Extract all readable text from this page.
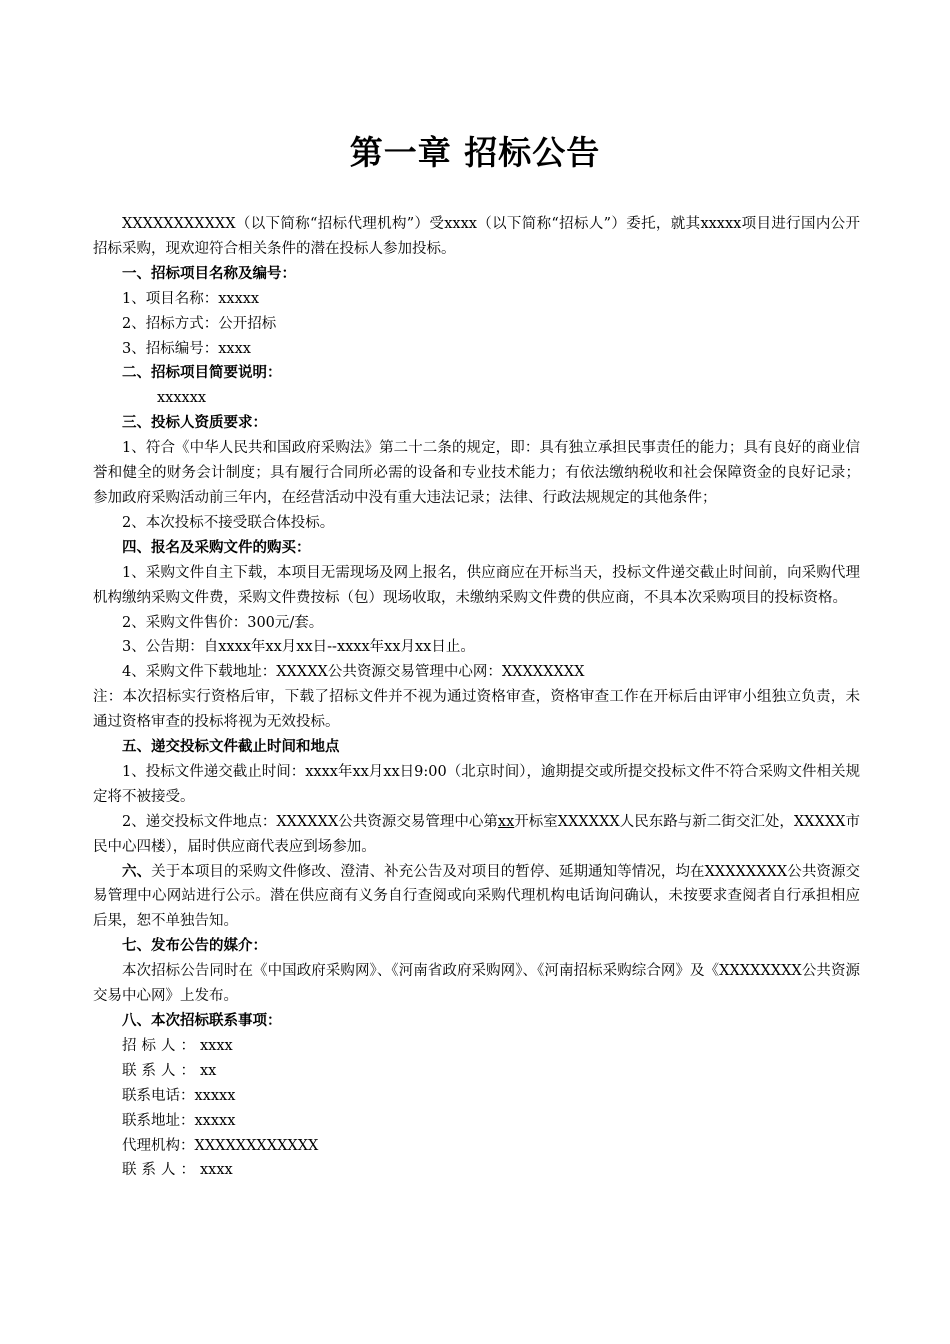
第一章 招标公告

XXXXXXXXXXX（以下简称“招标代理机构”）受xxxx（以下简称“招标人”）委托，就其xxxxx项目进行国内公开招标采购，现欢迎符合相关条件的潜在投标人参加投标。

一、招标项目名称及编号：

1、项目名称：xxxxx

2、招标方式：公开招标

3、招标编号：xxxx

二、招标项目简要说明：

xxxxxx

三、投标人资质要求：

1、符合《中华人民共和国政府采购法》第二十二条的规定，即：具有独立承担民事责任的能力；具有良好的商业信誉和健全的财务会计制度；具有履行合同所必需的设备和专业技术能力；有依法缴纳税收和社会保障资金的良好记录；参加政府采购活动前三年内，在经营活动中没有重大违法记录；法律、行政法规规定的其他条件；

2、本次投标不接受联合体投标。

四、报名及采购文件的购买：

1、采购文件自主下载，本项目无需现场及网上报名，供应商应在开标当天，投标文件递交截止时间前，向采购代理机构缴纳采购文件费，采购文件费按标（包）现场收取，未缴纳采购文件费的供应商，不具本次采购项目的投标资格。

2、采购文件售价：300元/套。

3、公告期：自xxxx年xx月xx日--xxxx年xx月xx日止。

4、采购文件下载地址：XXXXX公共资源交易管理中心网：XXXXXXXX

注：本次招标实行资格后审，下载了招标文件并不视为通过资格审查，资格审查工作在开标后由评审小组独立负责，未通过资格审查的投标将视为无效投标。

五、递交投标文件截止时间和地点

1、投标文件递交截止时间：xxxx年xx月xx日9:00（北京时间），逾期提交或所提交投标文件不符合采购文件相关规定将不被接受。

2、递交投标文件地点：XXXXXX公共资源交易管理中心第xx开标室XXXXXX人民东路与新二街交汇处，XXXXX市民中心四楼），届时供应商代表应到场参加。

六、关于本项目的采购文件修改、澄清、补充公告及对项目的暂停、延期通知等情况，均在XXXXXXXX公共资源交易管理中心网站进行公示。潜在供应商有义务自行查阅或向采购代理机构电话询问确认，未按要求查阅者自行承担相应后果，恕不单独告知。

七、发布公告的媒介：

本次招标公告同时在《中国政府采购网》、《河南省政府采购网》、《河南招标采购综合网》及《XXXXXXXX公共资源交易中心网》上发布。

八、本次招标联系事项：

招标人：xxxx

联系人：xx

联系电话：xxxxx

联系地址：xxxxx

代理机构：XXXXXXXXXXXX

联系人：xxxx
